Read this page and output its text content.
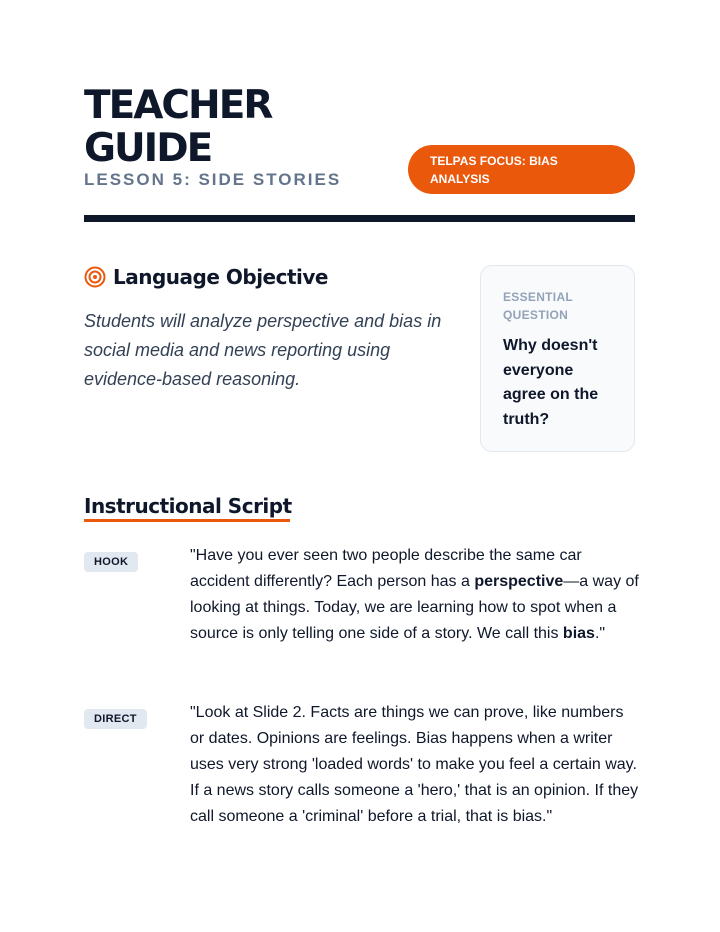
TEACHER
GUIDE
LESSON 5: SIDE STORIES
TELPAS FOCUS: BIAS ANALYSIS
Language Objective

Students will analyze perspective and bias in social media and news reporting using evidence-based reasoning.

ESSENTIAL QUESTION
Why doesn't everyone agree on the truth?
Instructional Script
HOOK	"Have you ever seen two people describe the same car accident differently? Each person has a perspective—a way of looking at things. Today, we are learning how to spot when a source is only telling one side of a story. We call this bias."

DIRECT	"Look at Slide 2. Facts are things we can prove, like numbers or dates. Opinions are feelings. Bias happens when a writer uses very strong 'loaded words' to make you feel a certain way. If a news story calls someone a 'hero,' that is an opinion. If they call someone a 'criminal' before a trial, that is bias."
